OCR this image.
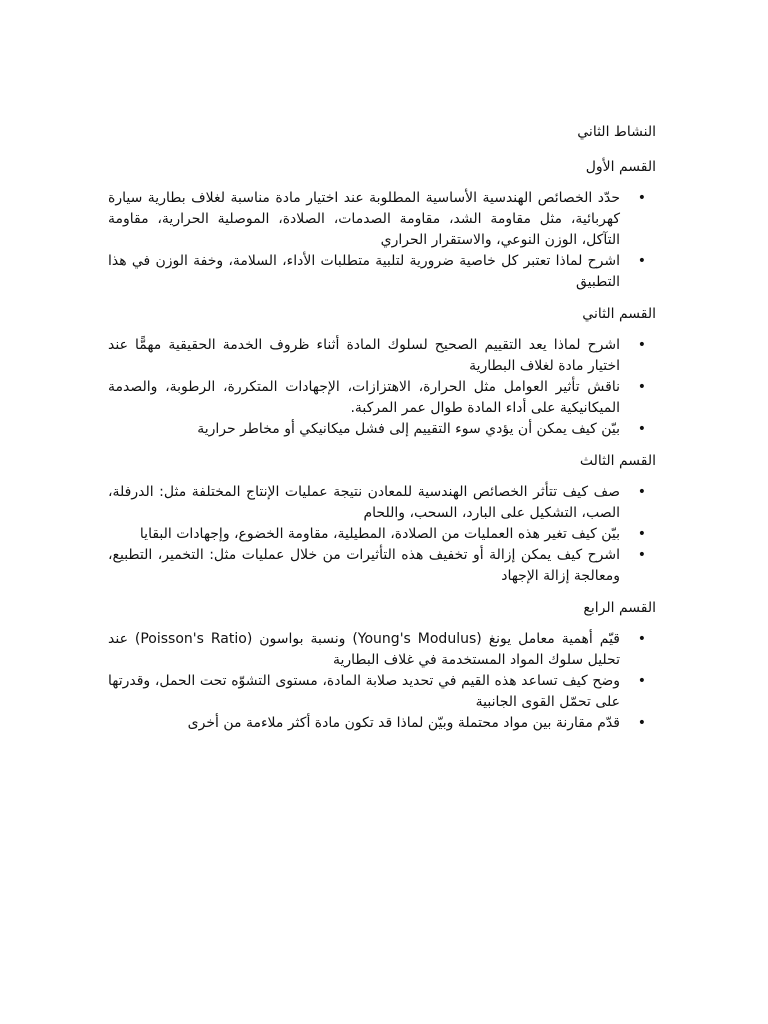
النشاط الثاني
القسم الأول
•
حدّد الخصائص الهندسية الأساسية المطلوبة عند اختيار مادة مناسبة لغلاف بطارية سيارة كهربائية، مثل مقاومة الشد، مقاومة الصدمات، الصلادة، الموصلية الحرارية، مقاومة التآكل، الوزن النوعي، والاستقرار الحراري
•
اشرح لماذا تعتبر كل خاصية ضرورية لتلبية متطلبات الأداء، السلامة، وخفة الوزن في هذا التطبيق
القسم الثاني
•
اشرح لماذا يعد التقييم الصحيح لسلوك المادة أثناء ظروف الخدمة الحقيقية مهمًّا عند اختيار مادة لغلاف البطارية
•
ناقش تأثير العوامل مثل الحرارة، الاهتزازات، الإجهادات المتكررة، الرطوبة، والصدمة الميكانيكية على أداء المادة طوال عمر المركبة.
•
بيّن كيف يمكن أن يؤدي سوء التقييم إلى فشل ميكانيكي أو مخاطر حرارية
القسم الثالث
•
صف كيف تتأثر الخصائص الهندسية للمعادن نتيجة عمليات الإنتاج المختلفة مثل: الدرفلة، الصب، التشكيل على البارد، السحب، واللحام
•
بيّن كيف تغير هذه العمليات من الصلادة، المطيلية، مقاومة الخضوع، وإجهادات البقايا
•
اشرح كيف يمكن إزالة أو تخفيف هذه التأثيرات من خلال عمليات مثل: التخمير، التطبيع، ومعالجة إزالة الإجهاد
القسم الرابع
•
قيّم أهمية معامل يونغ (Young's Modulus) ونسبة بواسون (Poisson's Ratio) عند تحليل سلوك المواد المستخدمة في غلاف البطارية
•
وضح كيف تساعد هذه القيم في تحديد صلابة المادة، مستوى التشوّه تحت الحمل، وقدرتها على تحمّل القوى الجانبية
•
قدّم مقارنة بين مواد محتملة وبيّن لماذا قد تكون مادة أكثر ملاءمة من أخرى
